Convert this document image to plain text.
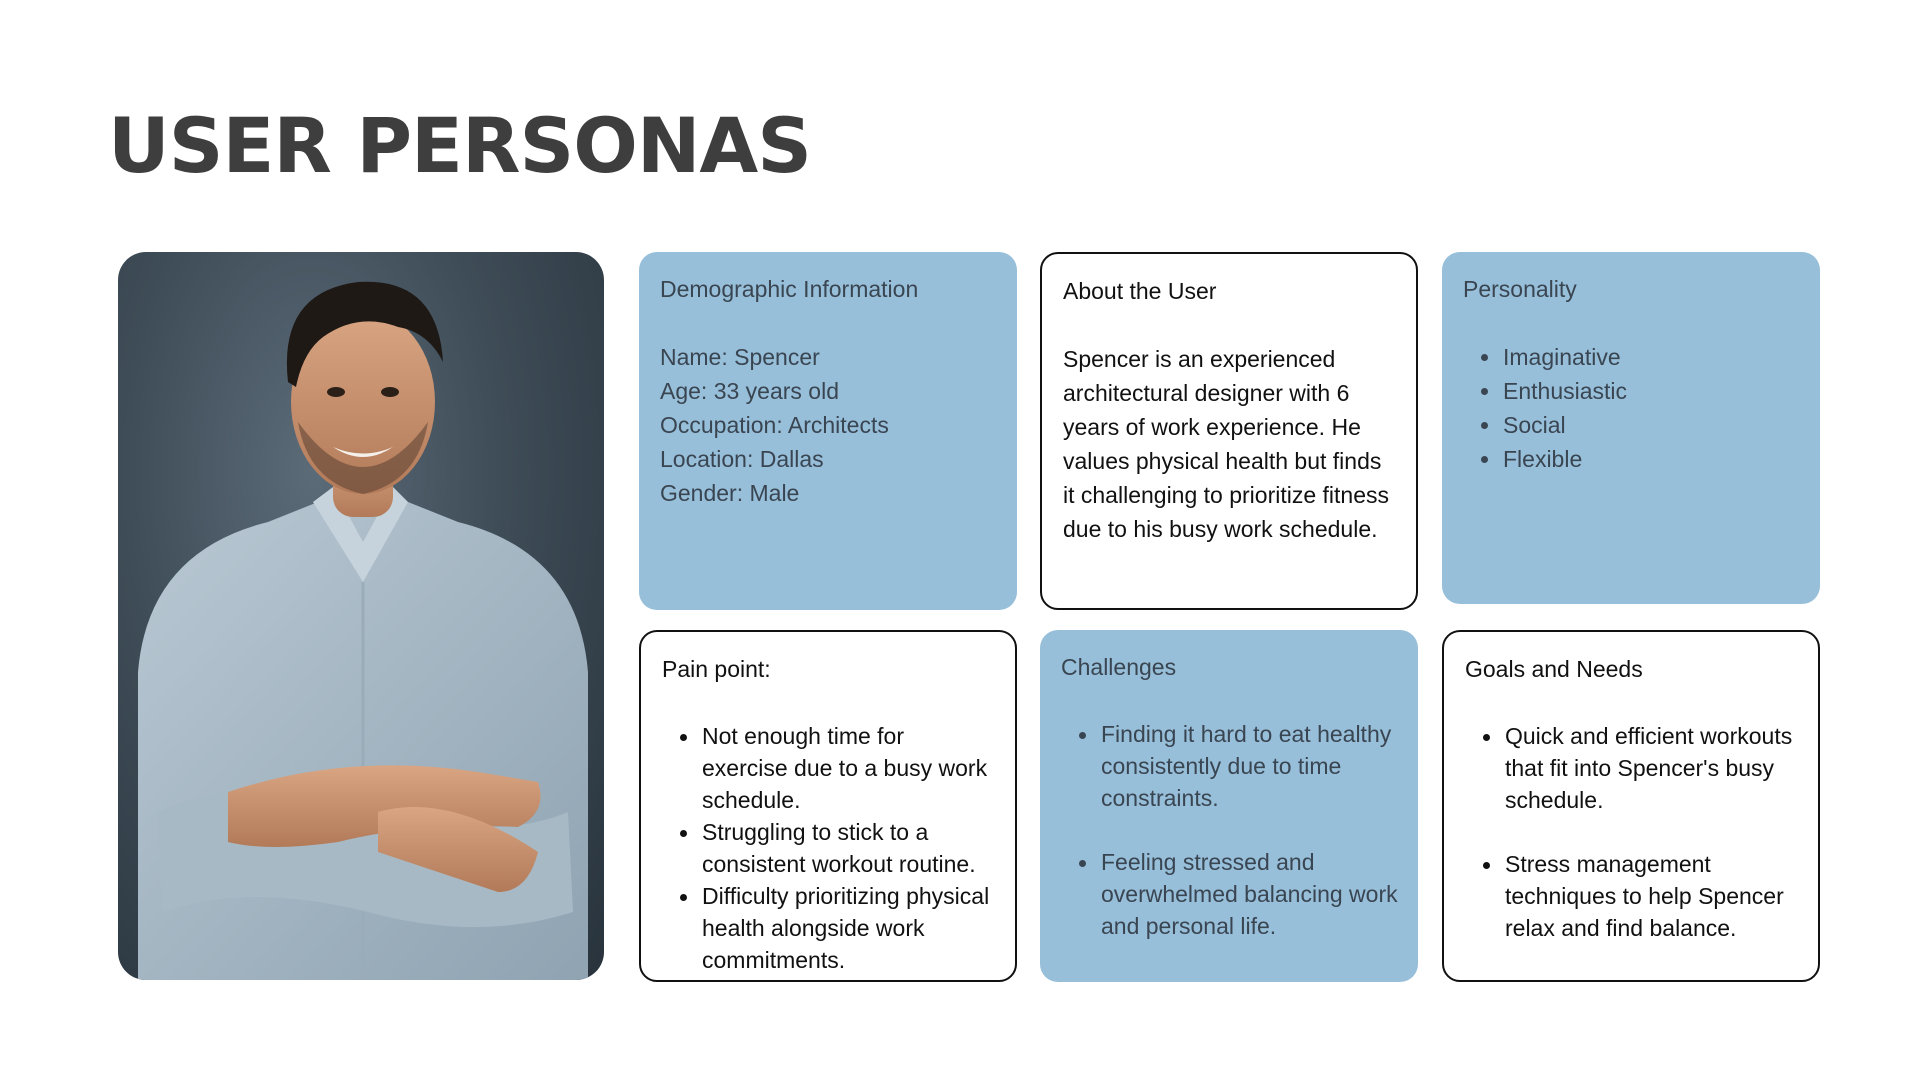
USER PERSONAS
Demographic Information
Name: Spencer
Age: 33 years old
Occupation: Architects
Location: Dallas
Gender: Male
About the User
Spencer is an experienced architectural designer with 6 years of work experience. He values physical health but finds it challenging to prioritize fitness due to his busy work schedule.
Personality
Imaginative
Enthusiastic
Social
Flexible
Pain point:
Not enough time for exercise due to a busy work schedule.
Struggling to stick to a consistent workout routine.
Difficulty prioritizing physical health alongside work commitments.
Challenges
Finding it hard to eat healthy consistently due to time constraints.
Feeling stressed and overwhelmed balancing work and personal life.
Goals and Needs
Quick and efficient workouts that fit into Spencer's busy schedule.
Stress management techniques to help Spencer relax and find balance.
